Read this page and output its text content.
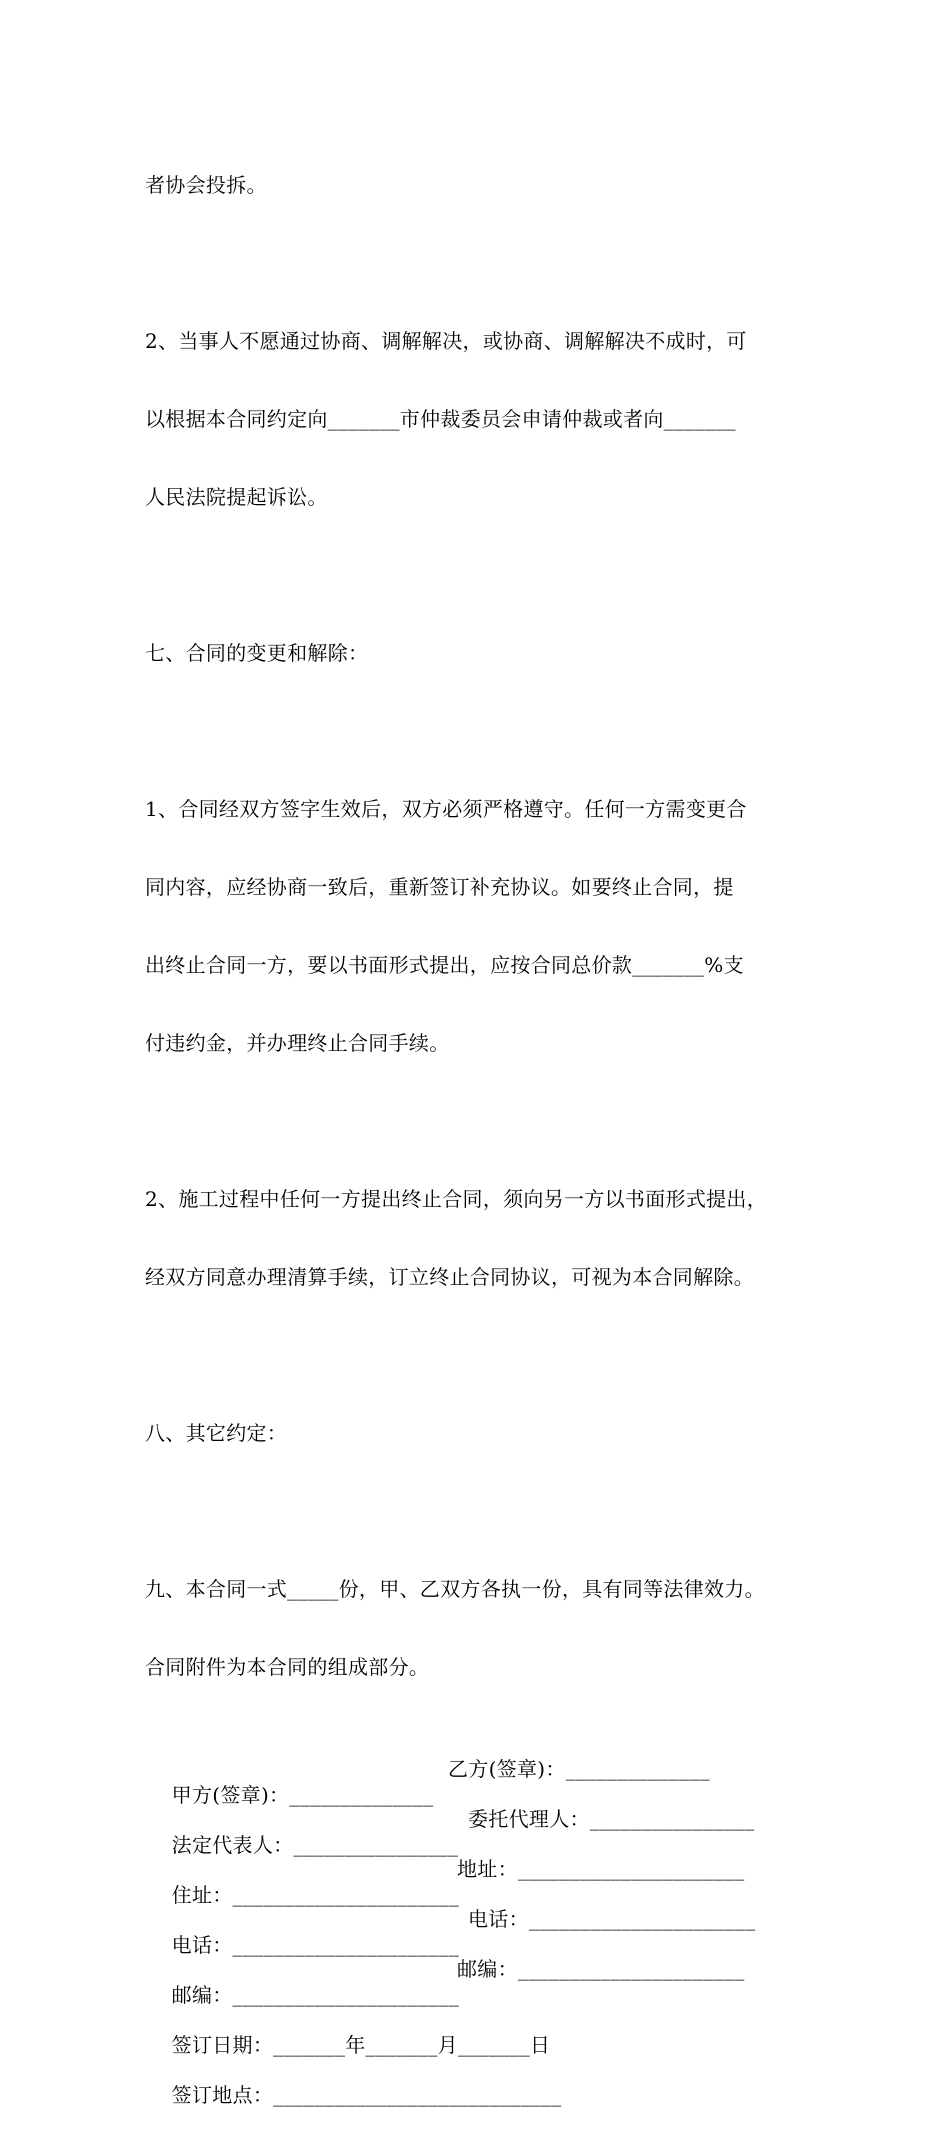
者协会投拆。

2、当事人不愿通过协商、调解解决，或协商、调解解决不成时，可

以根据本合同约定向_______市仲裁委员会申请仲裁或者向_______

人民法院提起诉讼。

七、合同的变更和解除：

1、合同经双方签字生效后，双方必须严格遵守。任何一方需变更合

同内容，应经协商一致后，重新签订补充协议。如要终止合同，提

出终止合同一方，要以书面形式提出，应按合同总价款_______%支

付违约金，并办理终止合同手续。

2、施工过程中任何一方提出终止合同，须向另一方以书面形式提出，

经双方同意办理清算手续，订立终止合同协议，可视为本合同解除。

八、其它约定：

九、本合同一式_____份，甲、乙双方各执一份，具有同等法律效力。

合同附件为本合同的组成部分。

甲方(签章)：______________

乙方(签章)：______________

法定代表人：________________

委托代理人：________________

住址：______________________

地址：______________________

电话：______________________

电话：______________________

邮编：______________________

邮编：______________________

签订日期：_______年_______月_______日

签订地点：____________________________
